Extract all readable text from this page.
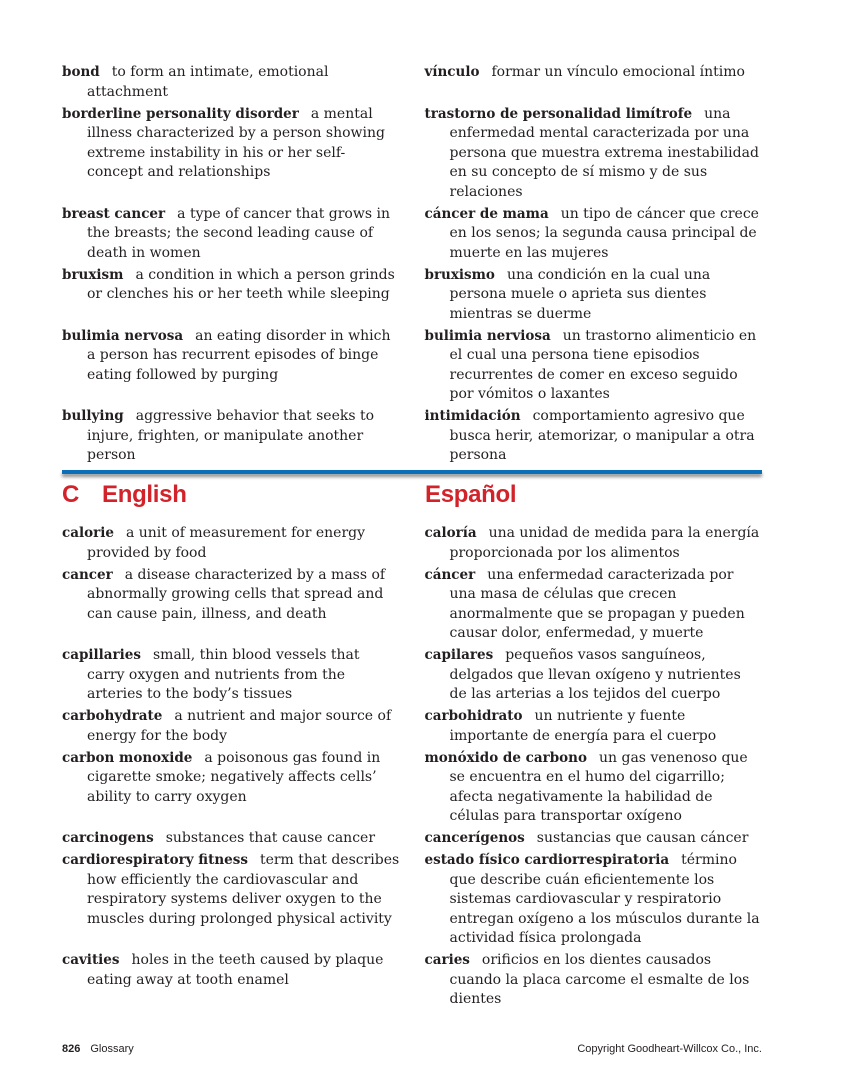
bond to form an intimate, emotional attachment
vínculo formar un vínculo emocional íntimo
borderline personality disorder a mental illness characterized by a person showing extreme instability in his or her self-concept and relationships
trastorno de personalidad limítrofe una enfermedad mental caracterizada por una persona que muestra extrema inestabilidad en su concepto de sí mismo y de sus relaciones
breast cancer a type of cancer that grows in the breasts; the second leading cause of death in women
cáncer de mama un tipo de cáncer que crece en los senos; la segunda causa principal de muerte en las mujeres
bruxism a condition in which a person grinds or clenches his or her teeth while sleeping
bruxismo una condición en la cual una persona muele o aprieta sus dientes mientras se duerme
bulimia nervosa an eating disorder in which a person has recurrent episodes of binge eating followed by purging
bulimia nerviosa un trastorno alimenticio en el cual una persona tiene episodios recurrentes de comer en exceso seguido por vómitos o laxantes
bullying aggressive behavior that seeks to injure, frighten, or manipulate another person
intimidación comportamiento agresivo que busca herir, atemorizar, o manipular a otra persona
C English	Español
calorie a unit of measurement for energy provided by food
caloría una unidad de medida para la energía proporcionada por los alimentos
cancer a disease characterized by a mass of abnormally growing cells that spread and can cause pain, illness, and death
cáncer una enfermedad caracterizada por una masa de células que crecen anormalmente que se propagan y pueden causar dolor, enfermedad, y muerte
capillaries small, thin blood vessels that carry oxygen and nutrients from the arteries to the body’s tissues
capilares pequeños vasos sanguíneos, delgados que llevan oxígeno y nutrientes de las arterias a los tejidos del cuerpo
carbohydrate a nutrient and major source of energy for the body
carbohidrato un nutriente y fuente importante de energía para el cuerpo
carbon monoxide a poisonous gas found in cigarette smoke; negatively affects cells’ ability to carry oxygen
monóxido de carbono un gas venenoso que se encuentra en el humo del cigarrillo; afecta negativamente la habilidad de células para transportar oxígeno
carcinogens substances that cause cancer	cancerígenos sustancias que causan cáncer
cardiorespiratory fitness term that describes how efficiently the cardiovascular and respiratory systems deliver oxygen to the muscles during prolonged physical activity
estado físico cardiorrespiratoria término que describe cuán eficientemente los sistemas cardiovascular y respiratorio entregan oxígeno a los músculos durante la actividad física prolongada
cavities holes in the teeth caused by plaque eating away at tooth enamel
caries orificios en los dientes causados cuando la placa carcome el esmalte de los dientes
826 Glossary	Copyright Goodheart-Willcox Co., Inc.
